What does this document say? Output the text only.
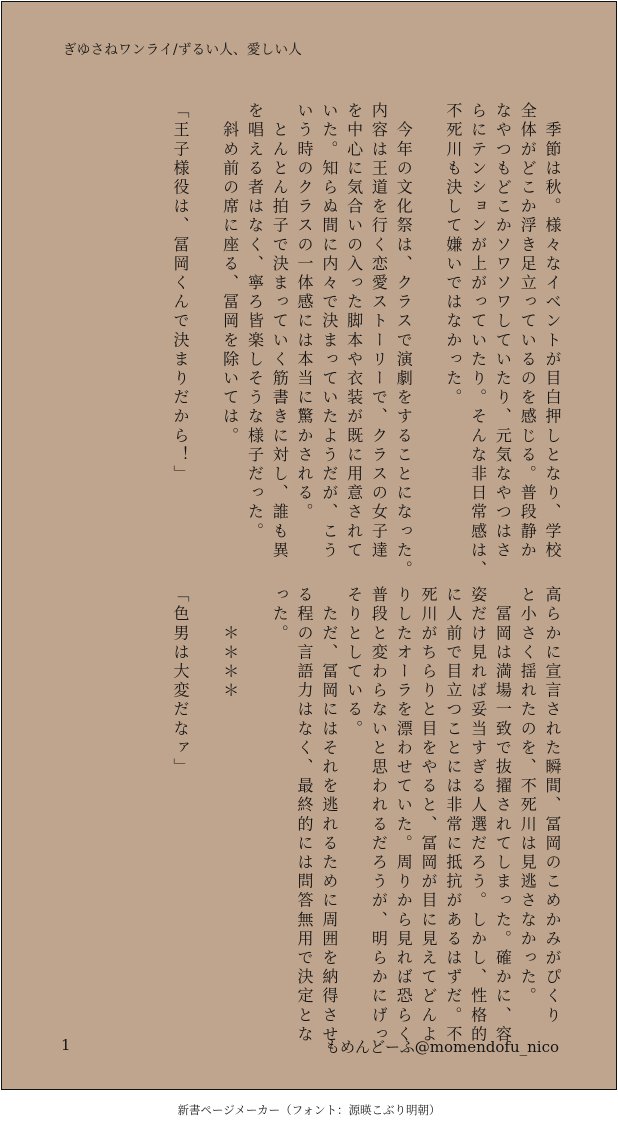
ぎゆさねワンライ/ずるい人、愛しい人
　季節は秋。様々なイベントが目白押しとなり、学校
全体がどこか浮き足立っているのを感じる。普段静か
なやつもどこかソワソワしていたり、元気なやつはさ
らにテンションが上がっていたり。そんな非日常感は、
不死川も決して嫌いではなかった。

　今年の文化祭は、クラスで演劇をすることになった。
内容は王道を行く恋愛ストーリーで、クラスの女子達
を中心に気合いの入った脚本や衣装が既に用意されて
いた。知らぬ間に内々で決まっていたようだが、こう
いう時のクラスの一体感には本当に驚かされる。
　とんとん拍子で決まっていく筋書きに対し、誰も異
を唱える者はなく、寧ろ皆楽しそうな様子だった。
　斜め前の席に座る、冨岡を除いては。

「王子様役は、冨岡くんで決まりだから！」
高らかに宣言された瞬間、冨岡のこめかみがぴくり
と小さく揺れたのを、不死川は見逃さなかった。
　冨岡は満場一致で抜擢されてしまった。確かに、容
姿だけ見れば妥当すぎる人選だろう。しかし、性格的
に人前で目立つことには非常に抵抗があるはずだ。不
死川がちらりと目をやると、冨岡が目に見えてどんよ
りしたオーラを漂わせていた。周りから見れば恐らく
普段と変わらないと思われるだろうが、明らかにげっ
そりとしている。
　ただ、冨岡にはそれを逃れるために周囲を納得させ
る程の言語力はなく、最終的には問答無用で決定とな
った。

　　＊＊＊＊

「色男は大変だなァ」
1	もめんどーふ@momendofu_nico
新書ページメーカー（フォント：源暎こぶり明朝）
